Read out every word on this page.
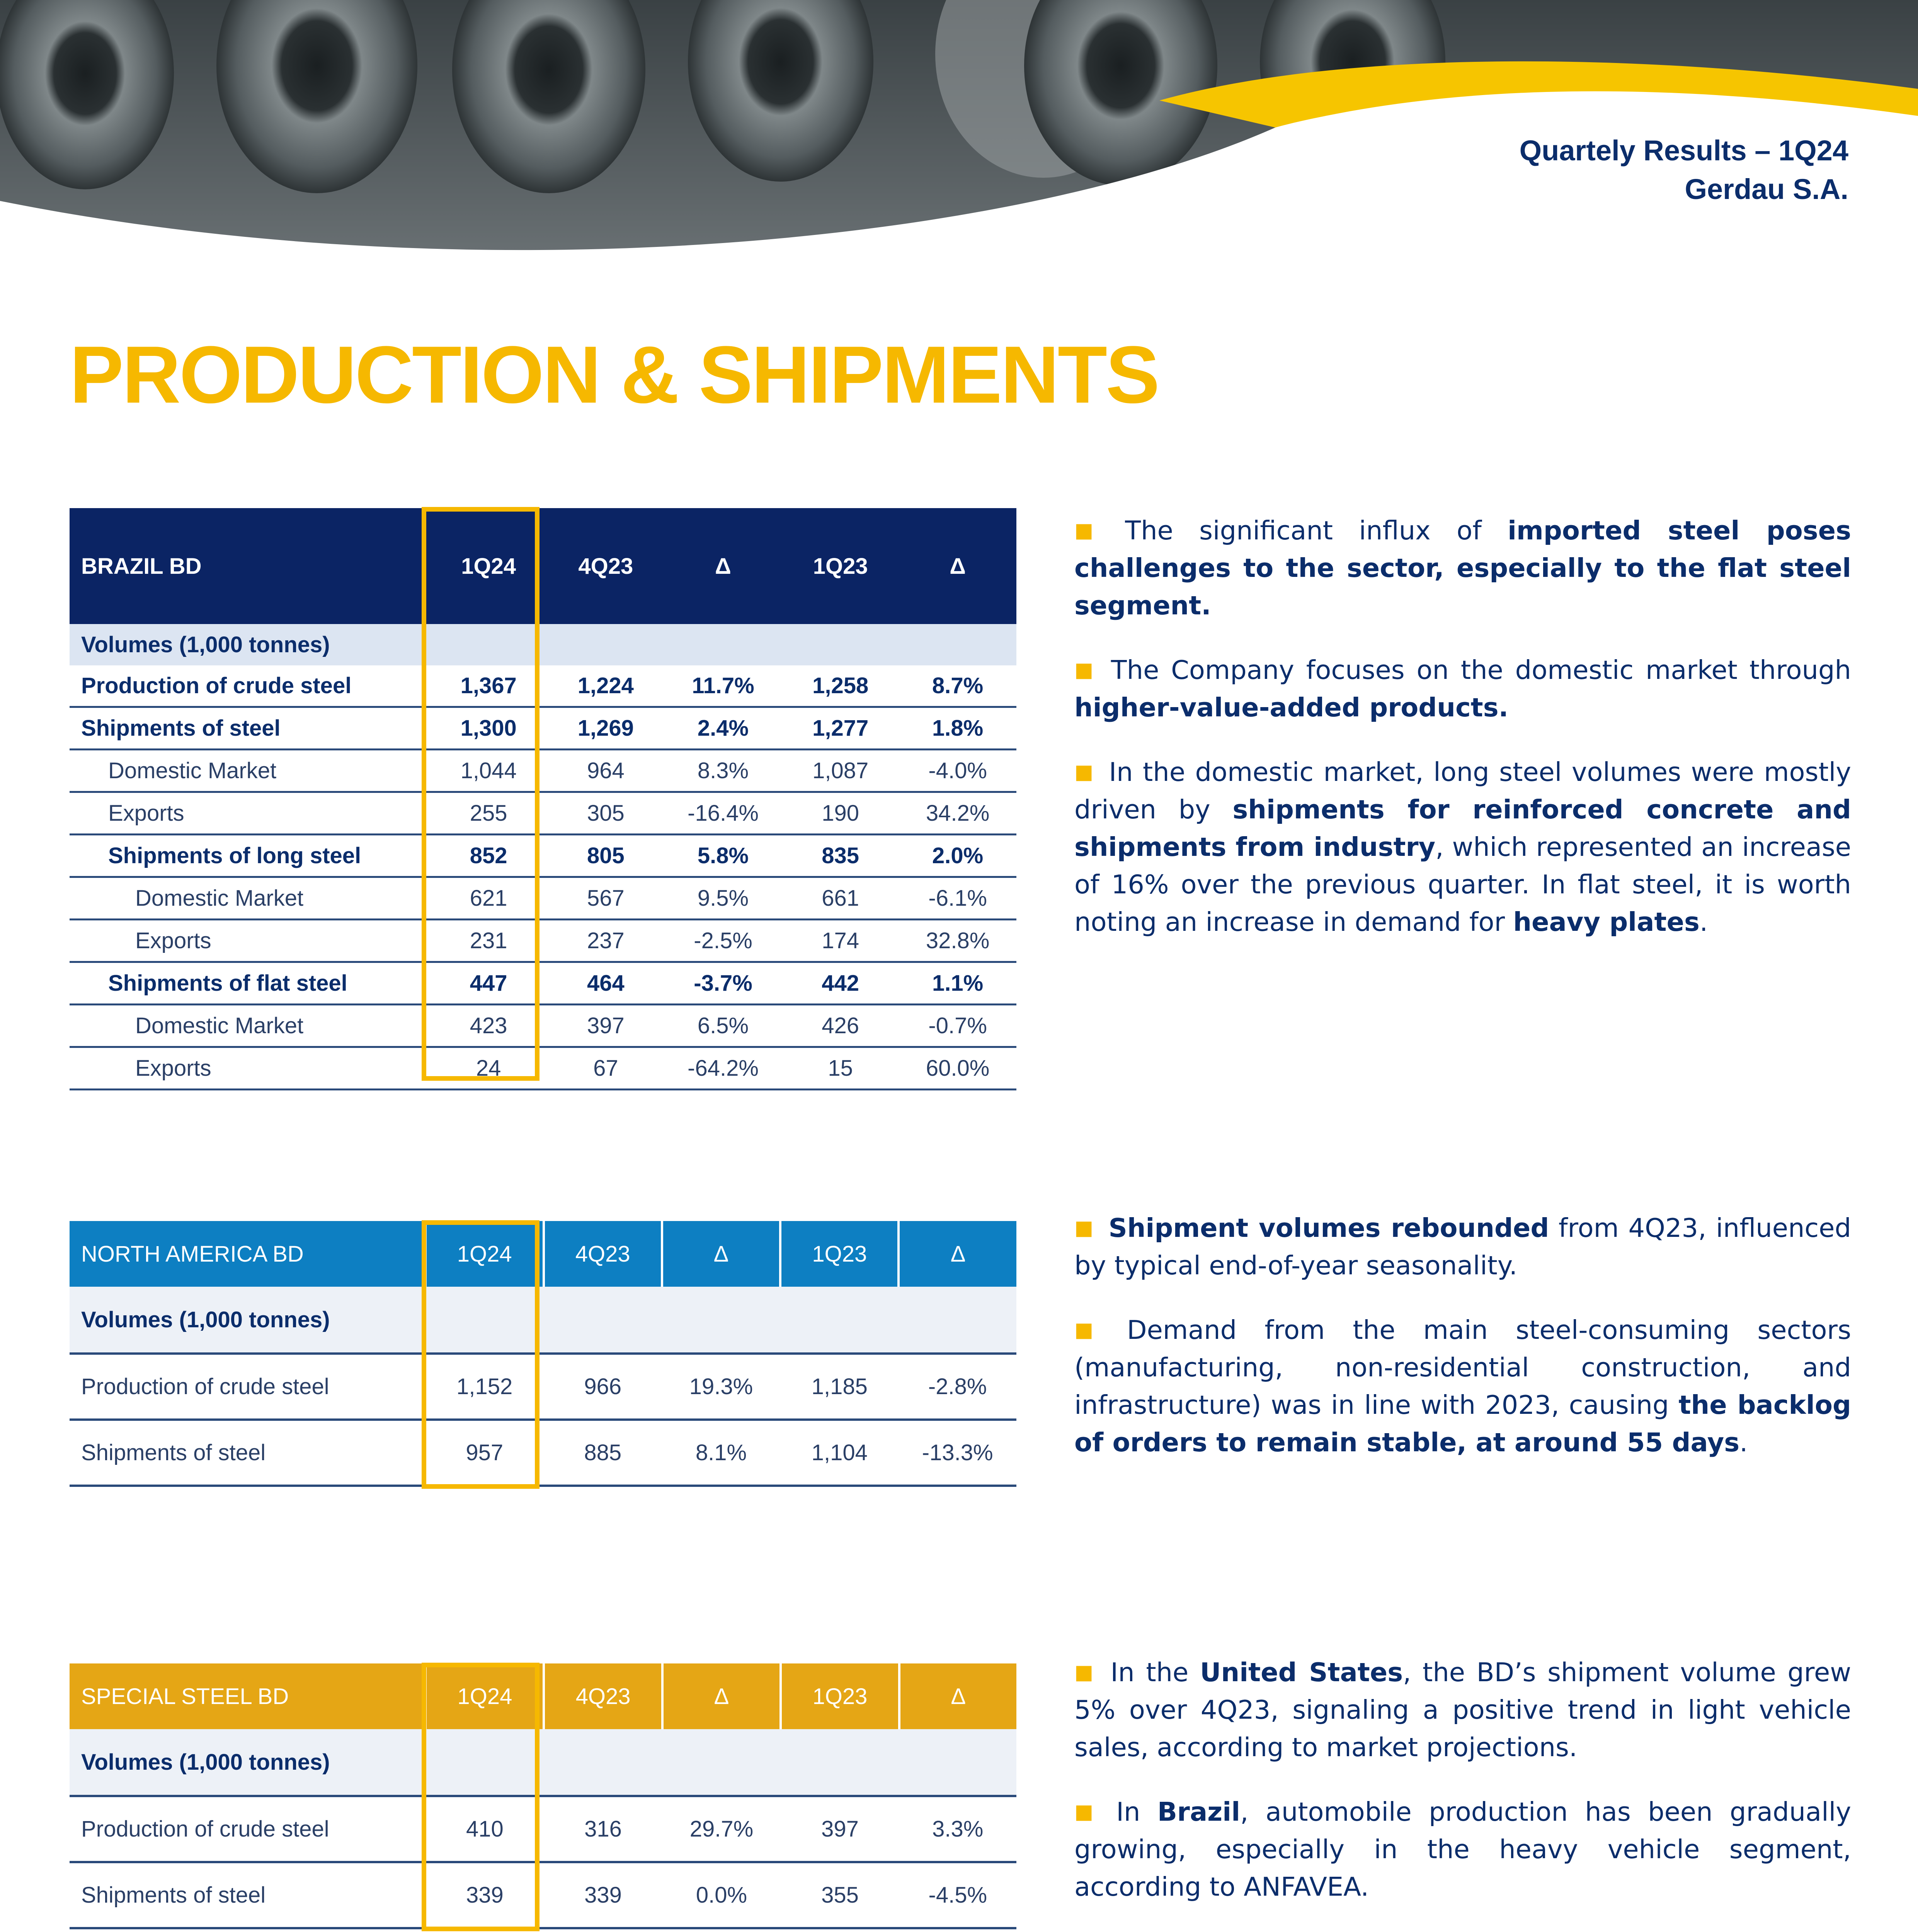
Quartely Results – 1Q24
Gerdau S.A.
PRODUCTION & SHIPMENTS
BRAZIL BD	1Q24	4Q23	Δ	1Q23	Δ
Volumes (1,000 tonnes)					
Production of crude steel	1,367	1,224	11.7%	1,258	8.7%
Shipments of steel	1,300	1,269	2.4%	1,277	1.8%
Domestic Market	1,044	964	8.3%	1,087	-4.0%
Exports	255	305	-16.4%	190	34.2%
Shipments of long steel	852	805	5.8%	835	2.0%
Domestic Market	621	567	9.5%	661	-6.1%
Exports	231	237	-2.5%	174	32.8%
Shipments of flat steel	447	464	-3.7%	442	1.1%
Domestic Market	423	397	6.5%	426	-0.7%
Exports	24	67	-64.2%	15	60.0%
NORTH AMERICA BD	1Q24	4Q23	Δ	1Q23	Δ
Volumes (1,000 tonnes)					
Production of crude steel	1,152	966	19.3%	1,185	-2.8%
Shipments of steel	957	885	8.1%	1,104	-13.3%
SPECIAL STEEL BD	1Q24	4Q23	Δ	1Q23	Δ
Volumes (1,000 tonnes)					
Production of crude steel	410	316	29.7%	397	3.3%
Shipments of steel	339	339	0.0%	355	-4.5%

■ The significant influx of imported steel poses challenges to the sector, especially to the flat steel segment.

■ The Company focuses on the domestic market through higher-value-added products.

■ In the domestic market, long steel volumes were mostly driven by shipments for reinforced concrete and shipments from industry, which represented an increase of 16% over the previous quarter. In flat steel, it is worth noting an increase in demand for heavy plates.

■ Shipment volumes rebounded from 4Q23, influenced by typical end-of-year seasonality.

■ Demand from the main steel-consuming sectors (manufacturing, non-residential construction, and infrastructure) was in line with 2023, causing the backlog of orders to remain stable, at around 55 days.

■ In the United States, the BD’s shipment volume grew 5% over 4Q23, signaling a positive trend in light vehicle sales, according to market projections.

■ In Brazil, automobile production has been gradually growing, especially in the heavy vehicle segment, according to ANFAVEA.
